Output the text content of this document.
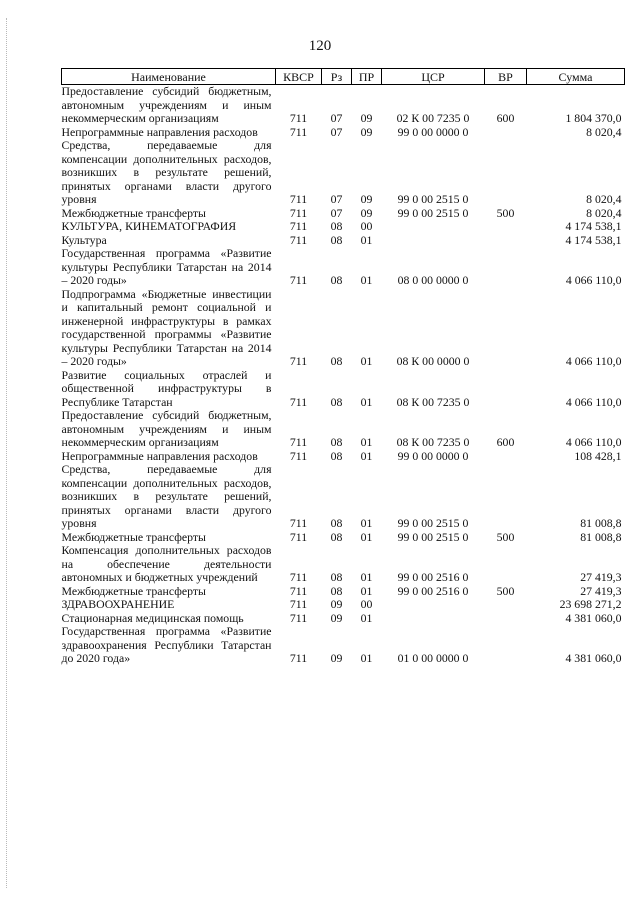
120
Наименование	КВСР	Рз	ПР	ЦСР	ВР	Сумма
Предоставление субсидий бюджетным, автономным учреждениям и иным некоммерческим организациям	711	07	09	02 К 00 7235 0	600	1 804 370,0
Непрограммные направления расходов	711	07	09	99 0 00 0000 0		8 020,4
Средства, передаваемые для компенсации дополнительных расходов, возникших в результате решений, принятых органами власти другого уровня	711	07	09	99 0 00 2515 0		8 020,4
Межбюджетные трансферты	711	07	09	99 0 00 2515 0	500	8 020,4
КУЛЬТУРА, КИНЕМАТОГРАФИЯ	711	08	00			4 174 538,1
Культура	711	08	01			4 174 538,1
Государственная программа «Развитие культуры Республики Татарстан на 2014 – 2020 годы»	711	08	01	08 0 00 0000 0		4 066 110,0
Подпрограмма «Бюджетные инвестиции и капитальный ремонт социальной и инженерной инфраструктуры в рамках государственной программы «Развитие культуры Республики Татарстан на 2014 – 2020 годы»	711	08	01	08 К 00 0000 0		4 066 110,0
Развитие социальных отраслей и общественной инфраструктуры в Республике Татарстан	711	08	01	08 К 00 7235 0		4 066 110,0
Предоставление субсидий бюджетным, автономным учреждениям и иным некоммерческим организациям	711	08	01	08 К 00 7235 0	600	4 066 110,0
Непрограммные направления расходов	711	08	01	99 0 00 0000 0		108 428,1
Средства, передаваемые для компенсации дополнительных расходов, возникших в результате решений, принятых органами власти другого уровня	711	08	01	99 0 00 2515 0		81 008,8
Межбюджетные трансферты	711	08	01	99 0 00 2515 0	500	81 008,8
Компенсация дополнительных расходов на обеспечение деятельности автономных и бюджетных учреждений	711	08	01	99 0 00 2516 0		27 419,3
Межбюджетные трансферты	711	08	01	99 0 00 2516 0	500	27 419,3
ЗДРАВООХРАНЕНИЕ	711	09	00			23 698 271,2
Стационарная медицинская помощь	711	09	01			4 381 060,0
Государственная программа «Развитие здравоохранения Республики Татарстан до 2020 года»	711	09	01	01 0 00 0000 0		4 381 060,0
